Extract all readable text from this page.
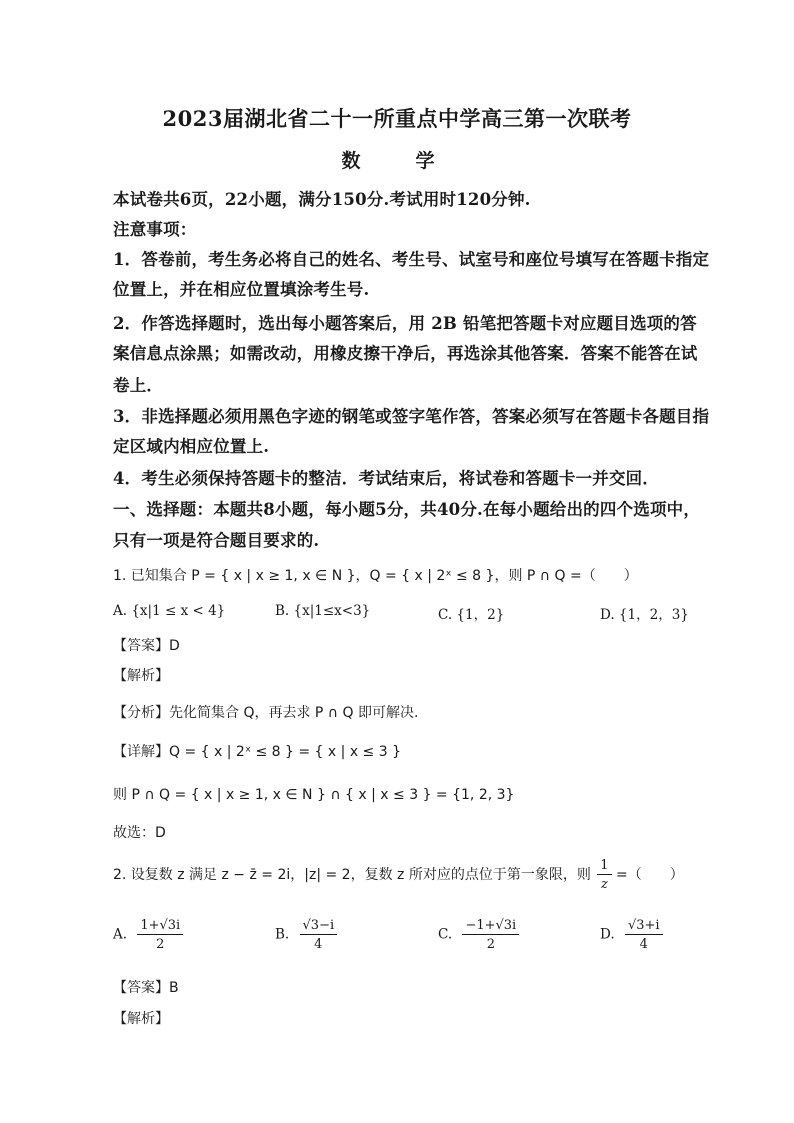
2023届湖北省二十一所重点中学高三第一次联考
数　学
本试卷共6页，22小题，满分150分.考试用时120分钟.
注意事项：
1．答卷前，考生务必将自己的姓名、考生号、试室号和座位号填写在答题卡指定
位置上，并在相应位置填涂考生号.
2．作答选择题时，选出每小题答案后，用 2B 铅笔把答题卡对应题目选项的答
案信息点涂黑；如需改动，用橡皮擦干净后，再选涂其他答案．答案不能答在试
卷上．
3．非选择题必须用黑色字迹的钢笔或签字笔作答，答案必须写在答题卡各题目指
定区域内相应位置上.
4．考生必须保持答题卡的整洁．考试结束后，将试卷和答题卡一并交回．
一、选择题：本题共8小题，每小题5分，共40分.在每小题给出的四个选项中，
只有一项是符合题目要求的.
1. 已知集合 P = { x | x ≥ 1, x ∈ N }，Q = { x | 2ˣ ≤ 8 }，则 P ∩ Q =（　　）
A. {x|1 ≤ x < 4}	B. {x|1≤x<3}	C. {1，2}	D. {1，2，3}
【答案】D
【解析】
【分析】先化简集合 Q，再去求 P ∩ Q 即可解决.
【详解】Q = { x | 2ˣ ≤ 8 } = { x | x ≤ 3 }
则 P ∩ Q = { x | x ≥ 1, x ∈ N } ∩ { x | x ≤ 3 } = {1, 2, 3}
故选：D
2. 设复数 z 满足 z − z̄ = 2i，|z| = 2，复数 z 所对应的点位于第一象限，则 $\frac{1}{z}$ =（　　）
A. $\frac{1+√3i}{2}$	B. $\frac{√3-i}{4}$	C. $\frac{-1+√3i}{2}$	D. $\frac{√3+i}{4}$
【答案】B
【解析】
